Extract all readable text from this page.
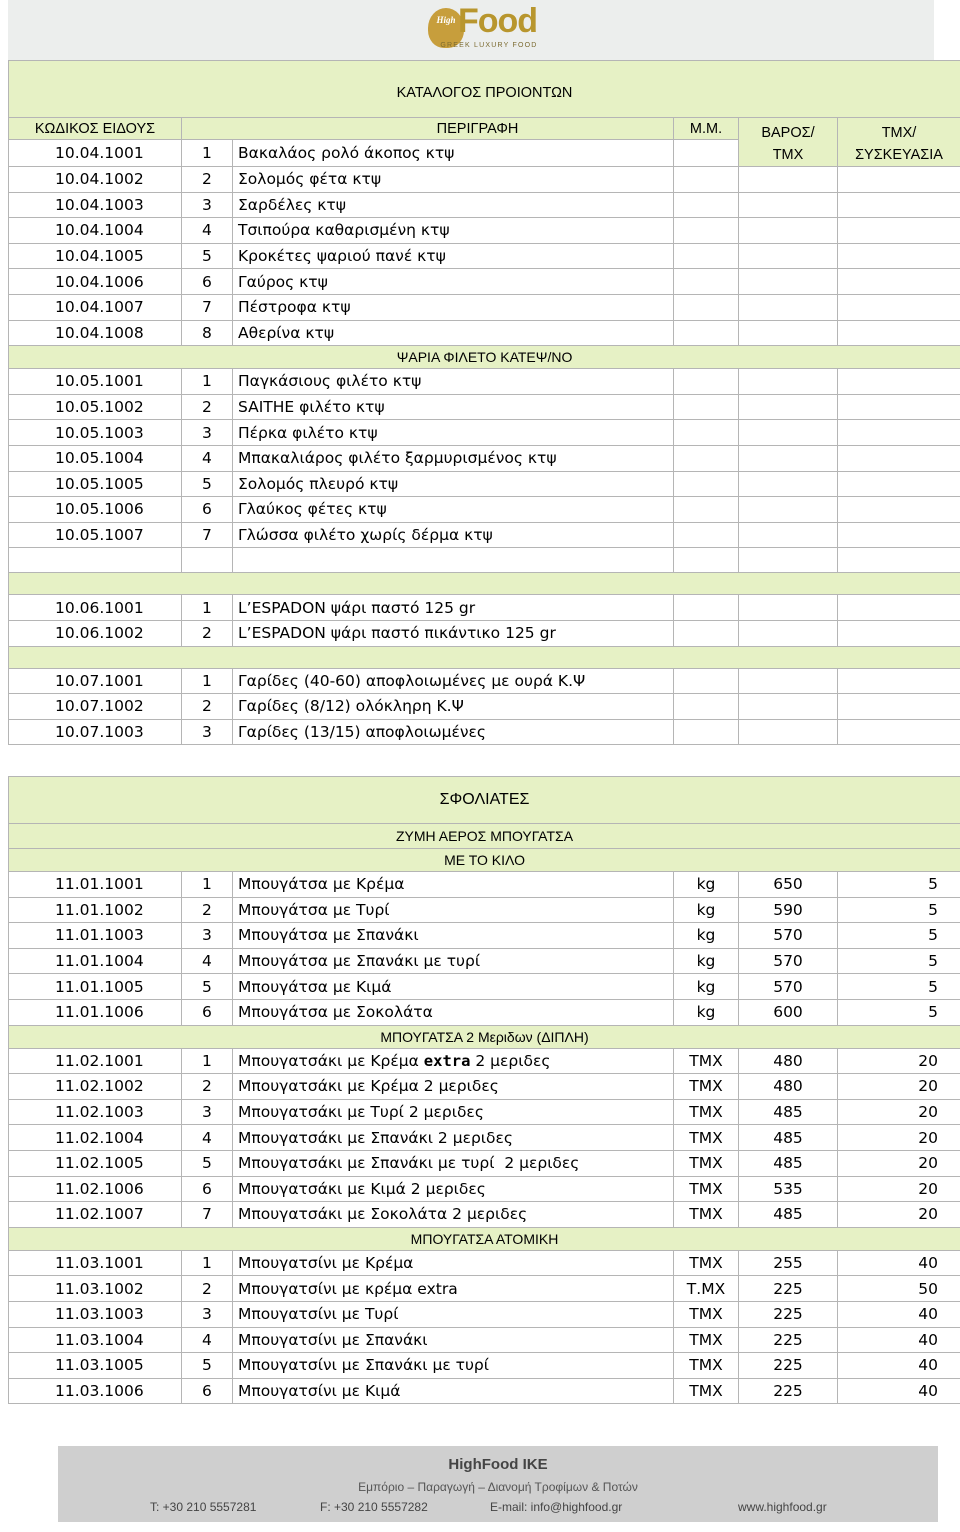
High Food
GREEK LUXURY FOOD
ΚΑΤΑΛΟΓΟΣ ΠΡΟΙΟΝΤΩΝ						
ΚΩΔΙΚΟΣ ΕΙΔΟΥΣ	ΠΕΡΙΓΡΑΦΗ		Μ.Μ.	ΒΑΡΟΣ/
ΤΜΧ	ΤΜΧ/
ΣΥΣΚΕΥΑΣΙΑ	
10.04.1001	1	Βακαλάος ρολό άκοπος κτψ				
10.04.1002	2	Σολομός φέτα κτψ				
10.04.1003	3	Σαρδέλες κτψ				
10.04.1004	4	Τσιπούρα καθαρισμένη κτψ				
10.04.1005	5	Κροκέτες ψαριού πανέ κτψ				
10.04.1006	6	Γαύρος κτψ				
10.04.1007	7	Πέστροφα κτψ				
10.04.1008	8	Αθερίνα κτψ				
ΨΑΡΙΑ ΦΙΛΕΤΟ ΚΑΤΕΨ/ΝΟ						
10.05.1001	1	Παγκάσιους φιλέτο κτψ				
10.05.1002	2	SAITHE φιλέτο κτψ				
10.05.1003	3	Πέρκα φιλέτο κτψ				
10.05.1004	4	Μπακαλιάρος φιλέτο ξαρμυρισμένος κτψ				
10.05.1005	5	Σολομός πλευρό κτψ				
10.05.1006	6	Γλαύκος φέτες κτψ				
10.05.1007	7	Γλώσσα φιλέτο χωρίς δέρμα κτψ				

10.06.1001	1	L’ESPADON ψάρι παστό 125 gr				
10.06.1002	2	L’ESPADON ψάρι παστό πικάντικο 125 gr				

10.07.1001	1	Γαρίδες (40-60) αποφλοιωμένες με ουρά Κ.Ψ				
10.07.1002	2	Γαρίδες (8/12) ολόκληρη Κ.Ψ				
10.07.1003	3	Γαρίδες (13/15) αποφλοιωμένες				
ΣΦΟΛΙΑΤΕΣ					
ΖΥΜΗ ΑΕΡΟΣ ΜΠΟΥΓΑΤΣΑ					
ΜΕ ΤΟ ΚΙΛΟ					
11.01.1001	1	Μπουγάτσα με Κρέμα	kg	650	5
11.01.1002	2	Μπουγάτσα με Τυρί	kg	590	5
11.01.1003	3	Μπουγάτσα με Σπανάκι	kg	570	5
11.01.1004	4	Μπουγάτσα με Σπανάκι με τυρί	kg	570	5
11.01.1005	5	Μπουγάτσα με Κιμά	kg	570	5
11.01.1006	6	Μπουγάτσα με Σοκολάτα	kg	600	5
ΜΠΟΥΓΑΤΣΑ 2 Μεριδων (ΔΙΠΛΗ)					
11.02.1001	1	Μπουγατσάκι με Κρέμα extra 2 μεριδες	ΤΜΧ	480	20
11.02.1002	2	Μπουγατσάκι με Κρέμα 2 μεριδες	ΤΜΧ	480	20
11.02.1003	3	Μπουγατσάκι με Τυρί 2 μεριδες	ΤΜΧ	485	20
11.02.1004	4	Μπουγατσάκι με Σπανάκι 2 μεριδες	ΤΜΧ	485	20
11.02.1005	5	Μπουγατσάκι με Σπανάκι με τυρί  2 μεριδες	ΤΜΧ	485	20
11.02.1006	6	Μπουγατσάκι με Κιμά 2 μεριδες	ΤΜΧ	535	20
11.02.1007	7	Μπουγατσάκι με Σοκολάτα 2 μεριδες	ΤΜΧ	485	20
ΜΠΟΥΓΑΤΣΑ ΑΤΟΜΙΚΗ					
11.03.1001	1	Μπουγατσίνι με Κρέμα	ΤΜΧ	255	40
11.03.1002	2	Μπουγατσίνι με κρέμα extra	Τ.ΜΧ	225	50
11.03.1003	3	Μπουγατσίνι με Τυρί	ΤΜΧ	225	40
11.03.1004	4	Μπουγατσίνι με Σπανάκι	ΤΜΧ	225	40
11.03.1005	5	Μπουγατσίνι με Σπανάκι με τυρί	ΤΜΧ	225	40
11.03.1006	6	Μπουγατσίνι με Κιμά	ΤΜΧ	225	40
HighFood IKE
Εμπόριο – Παραγωγή – Διανομή Τροφίμων & Ποτών
T: +30 210 5557281	F: +30 210 5557282	E-mail: info@highfood.gr	www.highfood.gr
